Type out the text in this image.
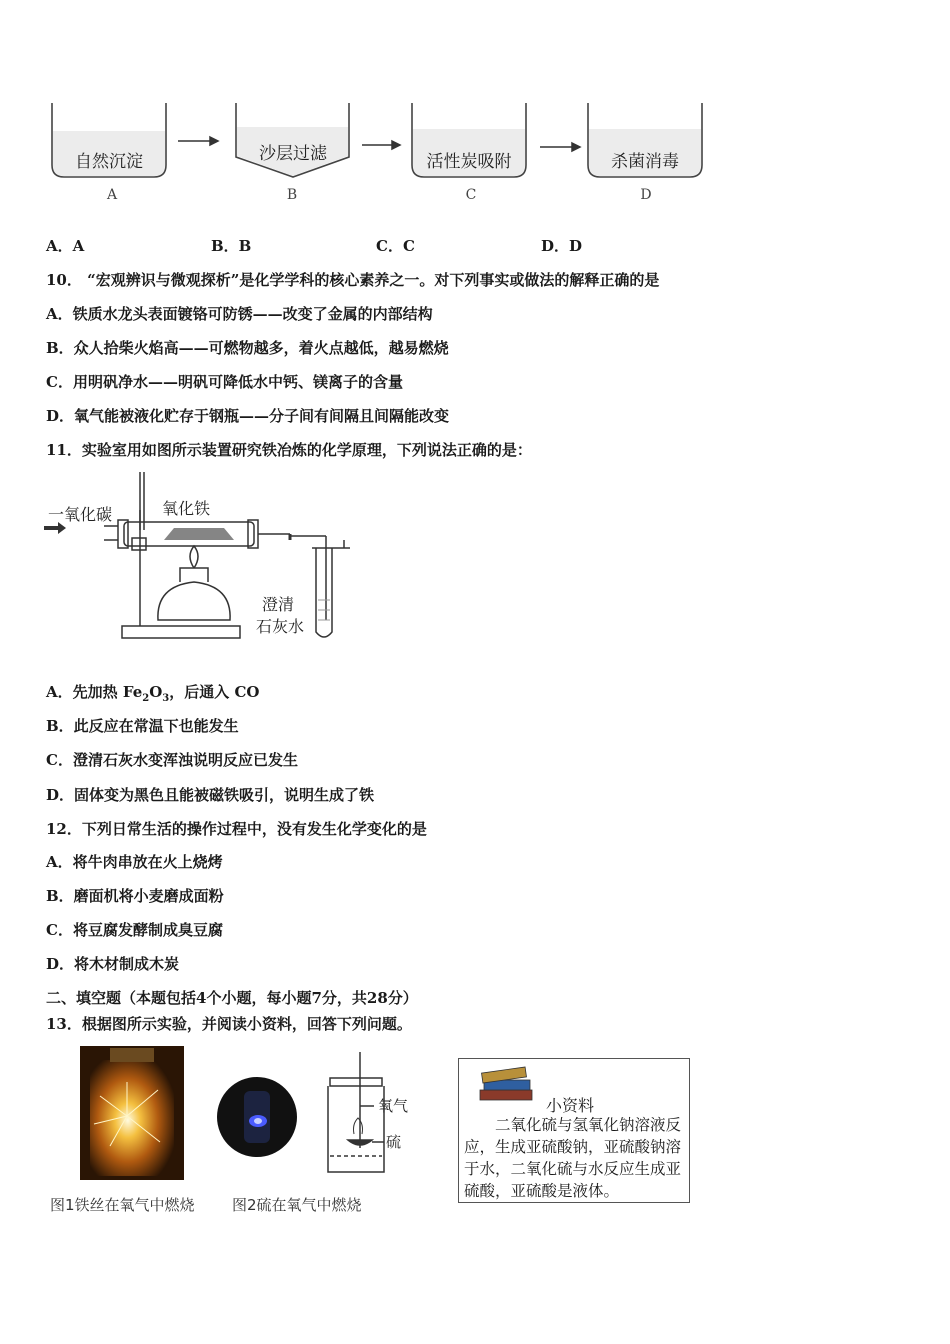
自然沉淀	沙层过滤	活性炭吸附	杀菌消毒
A	B	C	D
A．A	B．B	C．C	D．D
10． “宏观辨识与微观探析”是化学学科的核心素养之一。对下列事实或做法的解释正确的是
A．铁质水龙头表面镀铬可防锈——改变了金属的内部结构
B．众人拾柴火焰高——可燃物越多，着火点越低，越易燃烧
C．用明矾净水——明矾可降低水中钙、镁离子的含量
D．氧气能被液化贮存于钢瓶——分子间有间隔且间隔能改变
11．实验室用如图所示装置研究铁冶炼的化学原理，下列说法正确的是：
一氧化碳	氧化铁
澄清
石灰水
A．先加热 $Fe_2O_3$，后通入 CO
B．此反应在常温下也能发生
C．澄清石灰水变浑浊说明反应已发生
D．固体变为黑色且能被磁铁吸引，说明生成了铁
12．下列日常生活的操作过程中，没有发生化学变化的是
A．将牛肉串放在火上烧烤
B．磨面机将小麦磨成面粉
C．将豆腐发酵制成臭豆腐
D．将木材制成木炭
二、填空题（本题包括4个小题，每小题7分，共28分）
13．根据图所示实验，并阅读小资料，回答下列问题。
氧气
硫
图1铁丝在氧气中燃烧 图2硫在氧气中燃烧
小资料
二氧化硫与氢氧化钠溶液反应，生成亚硫酸钠，亚硫酸钠溶于水，二氧化硫与水反应生成亚硫酸，亚硫酸是液体。
